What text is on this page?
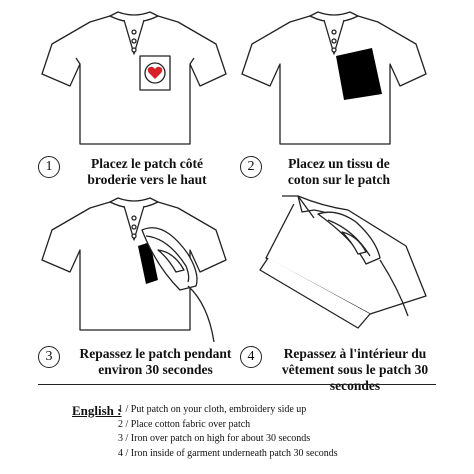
1	Placez le patch côté
broderie vers le haut
2	Placez un tissu de
coton sur le patch
3	Repassez le patch pendant
environ 30 secondes
4	Repassez à l'intérieur du
vêtement sous le patch 30
secondes
English :
1 / Put patch on your cloth, embroidery side up
2 / Place cotton fabric over patch
3 / Iron over patch on high for about 30 seconds
4 / Iron inside of garment underneath patch 30 seconds
